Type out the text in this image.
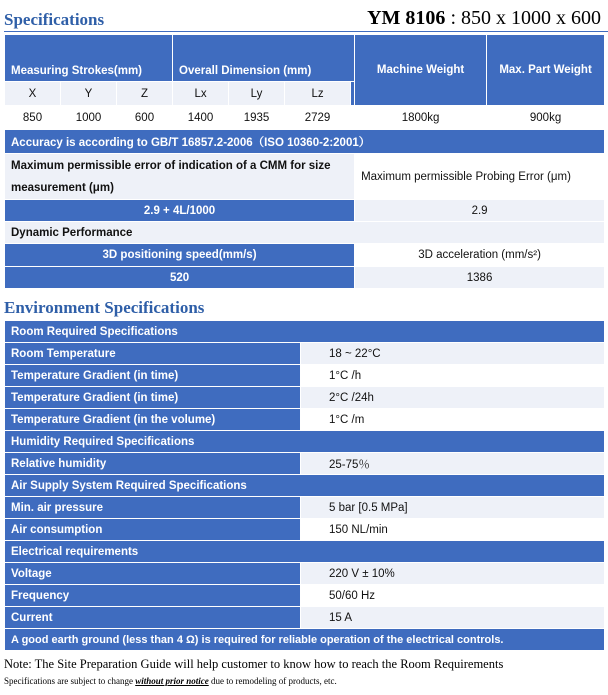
Specifications	YM 8106 : 850 x 1000 x 600
Measuring Strokes(mm)			Overall Dimension (mm)				Machine Weight	Max. Part Weight
X	Y	Z	Lx	Ly	Lz			
850	1000	600	1400	1935	2729		1800kg	900kg
Accuracy is according to GB/T 16857.2-2006（ISO 10360-2:2001）								
Maximum permissible error of indication of a CMM for size measurement (μm)							Maximum permissible Probing Error (μm)	
2.9 + 4L/1000							2.9	
Dynamic Performance								
3D positioning speed(mm/s)							3D acceleration (mm/s²)	
520							1386	
Environment Specifications
Room Required Specifications	
Room Temperature	18 ~ 22°C
Temperature Gradient (in time)	1°C /h
Temperature Gradient (in time)	2°C /24h
Temperature Gradient (in the volume)	1°C /m
Humidity Required Specifications	
Relative humidity	25-75％
Air Supply System Required Specifications	
Min. air pressure	5 bar [0.5 MPa]
Air consumption	150 NL/min
Electrical requirements	
Voltage	220 V ± 10%
Frequency	50/60 Hz
Current	15 A
A good earth ground (less than 4 Ω) is required for reliable operation of the electrical controls.	
Note: The Site Preparation Guide will help customer to know how to reach the Room Requirements
Specifications are subject to change without prior notice due to remodeling of products, etc.
